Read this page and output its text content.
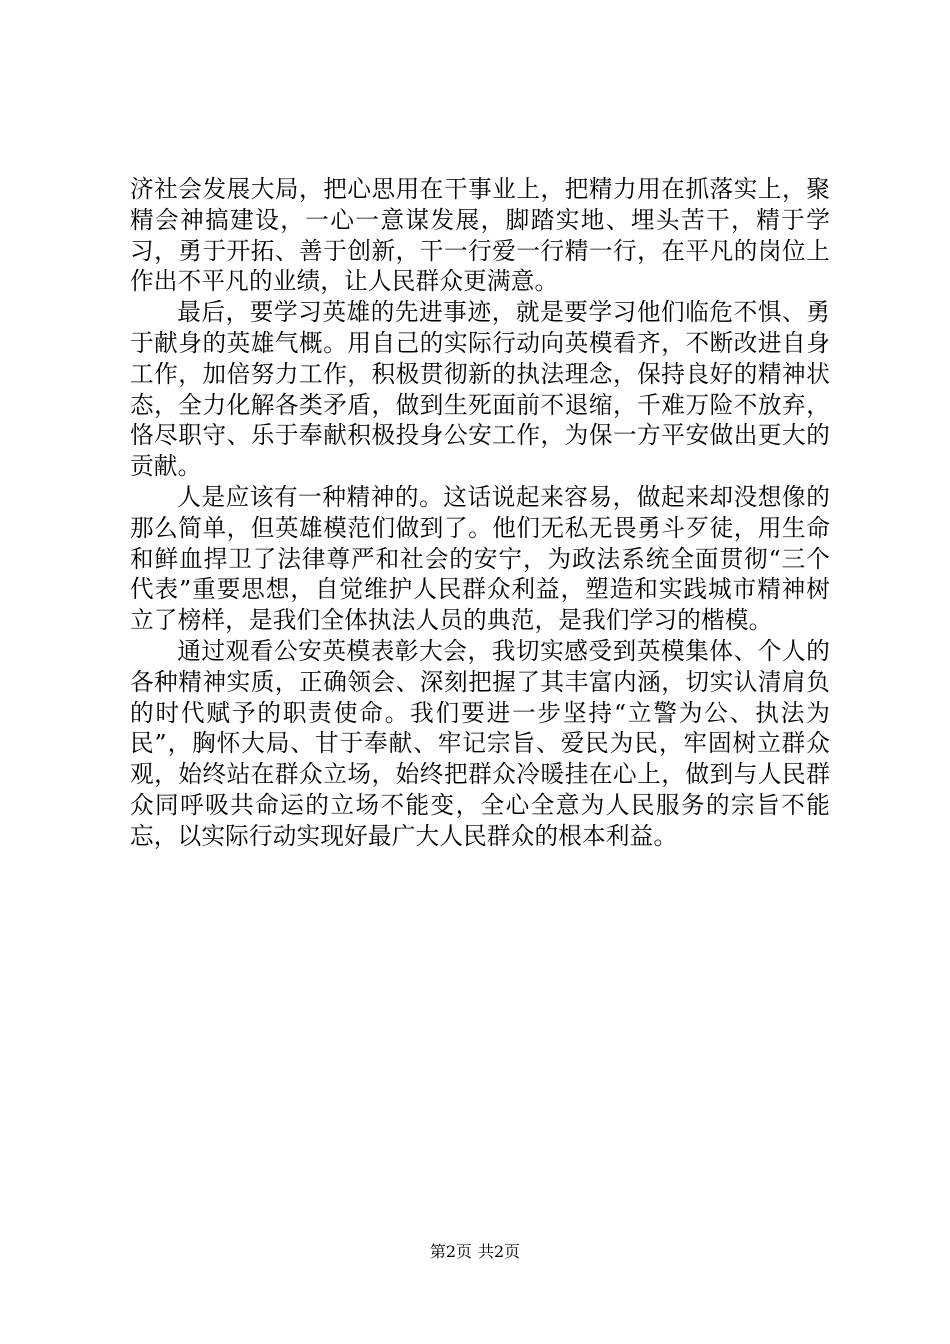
济社会发展大局，把心思用在干事业上，把精力用在抓落实上，聚精会神搞建设，一心一意谋发展，脚踏实地、埋头苦干，精于学习，勇于开拓、善于创新，干一行爱一行精一行，在平凡的岗位上作出不平凡的业绩，让人民群众更满意。

最后，要学习英雄的先进事迹，就是要学习他们临危不惧、勇于献身的英雄气概。用自己的实际行动向英模看齐，不断改进自身工作，加倍努力工作，积极贯彻新的执法理念，保持良好的精神状态，全力化解各类矛盾，做到生死面前不退缩，千难万险不放弃，恪尽职守、乐于奉献积极投身公安工作，为保一方平安做出更大的贡献。

人是应该有一种精神的。这话说起来容易，做起来却没想像的那么简单，但英雄模范们做到了。他们无私无畏勇斗歹徒，用生命和鲜血捍卫了法律尊严和社会的安宁，为政法系统全面贯彻“三个代表”重要思想，自觉维护人民群众利益，塑造和实践城市精神树立了榜样，是我们全体执法人员的典范，是我们学习的楷模。

通过观看公安英模表彰大会，我切实感受到英模集体、个人的各种精神实质，正确领会、深刻把握了其丰富内涵，切实认清肩负的时代赋予的职责使命。我们要进一步坚持“立警为公、执法为民”，胸怀大局、甘于奉献、牢记宗旨、爱民为民，牢固树立群众观，始终站在群众立场，始终把群众冷暖挂在心上，做到与人民群众同呼吸共命运的立场不能变，全心全意为人民服务的宗旨不能忘，以实际行动实现好最广大人民群众的根本利益。

第2页 共2页
